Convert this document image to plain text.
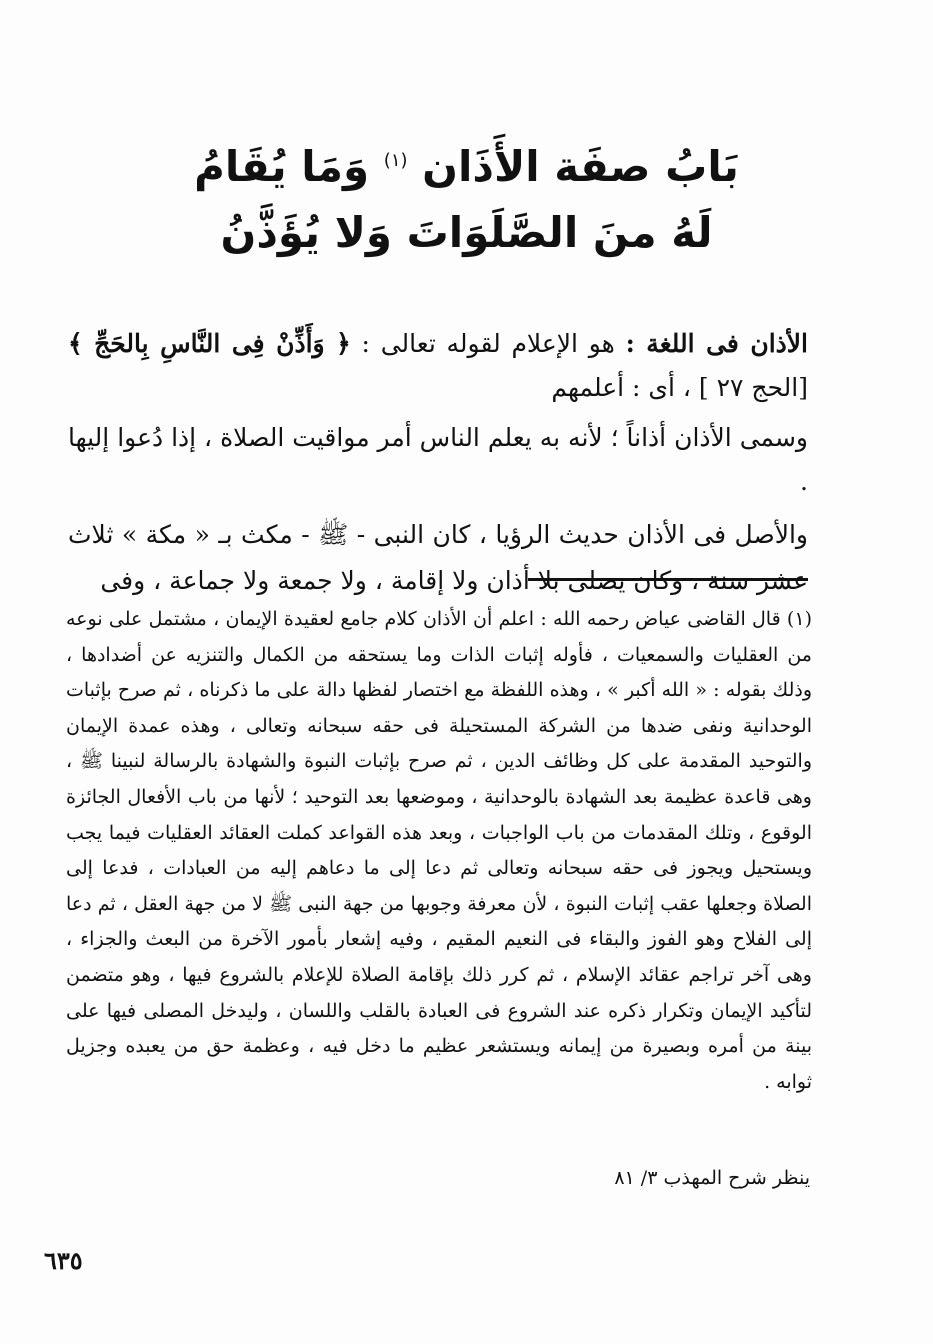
بَابُ صفَة الأَذَان $^{(١)}$ وَمَا يُقَامُ
لَهُ منَ الصَّلَوَاتَ وَلا يُؤَذَّنُ

الأذان فى اللغة : هو الإعلام لقوله تعالى : ﴿ وَأَذِّنْ فِى النَّاسِ بِالحَجِّ ﴾ [الحج ٢٧ ] ، أى : أعلمهم

وسمى الأذان أذاناً ؛ لأنه به يعلم الناس أمر مواقيت الصلاة ، إذا دُعوا إليها .

والأصل فى الأذان حديث الرؤيا ، كان النبى - ﷺ - مكث بـ « مكة » ثلاث عشر سنة ، وكان يصلى بلا أذان ولا إقامة ، ولا جمعة ولا جماعة ، وفى

(١) قال القاضى عياض رحمه الله : اعلم أن الأذان كلام جامع لعقيدة الإيمان ، مشتمل على نوعه من العقليات والسمعيات ، فأوله إثبات الذات وما يستحقه من الكمال والتنزيه عن أضدادها ، وذلك بقوله : « الله أكبر » ، وهذه اللفظة مع اختصار لفظها دالة على ما ذكرناه ، ثم صرح بإثبات الوحدانية ونفى ضدها من الشركة المستحيلة فى حقه سبحانه وتعالى ، وهذه عمدة الإيمان والتوحيد المقدمة على كل وظائف الدين ، ثم صرح بإثبات النبوة والشهادة بالرسالة لنبينا ﷺ ، وهى قاعدة عظيمة بعد الشهادة بالوحدانية ، وموضعها بعد التوحيد ؛ لأنها من باب الأفعال الجائزة الوقوع ، وتلك المقدمات من باب الواجبات ، وبعد هذه القواعد كملت العقائد العقليات فيما يجب ويستحيل ويجوز فى حقه سبحانه وتعالى ثم دعا إلى ما دعاهم إليه من العبادات ، فدعا إلى الصلاة وجعلها عقب إثبات النبوة ، لأن معرفة وجوبها من جهة النبى ﷺ لا من جهة العقل ، ثم دعا إلى الفلاح وهو الفوز والبقاء فى النعيم المقيم ، وفيه إشعار بأمور الآخرة من البعث والجزاء ، وهى آخر تراجم عقائد الإسلام ، ثم كرر ذلك بإقامة الصلاة للإعلام بالشروع فيها ، وهو متضمن لتأكيد الإيمان وتكرار ذكره عند الشروع فى العبادة بالقلب واللسان ، وليدخل المصلى فيها على بينة من أمره وبصيرة من إيمانه ويستشعر عظيم ما دخل فيه ، وعظمة حق من يعبده وجزيل ثوابه .

ينظر شرح المهذب ٣/ ٨١
٦٣٥
